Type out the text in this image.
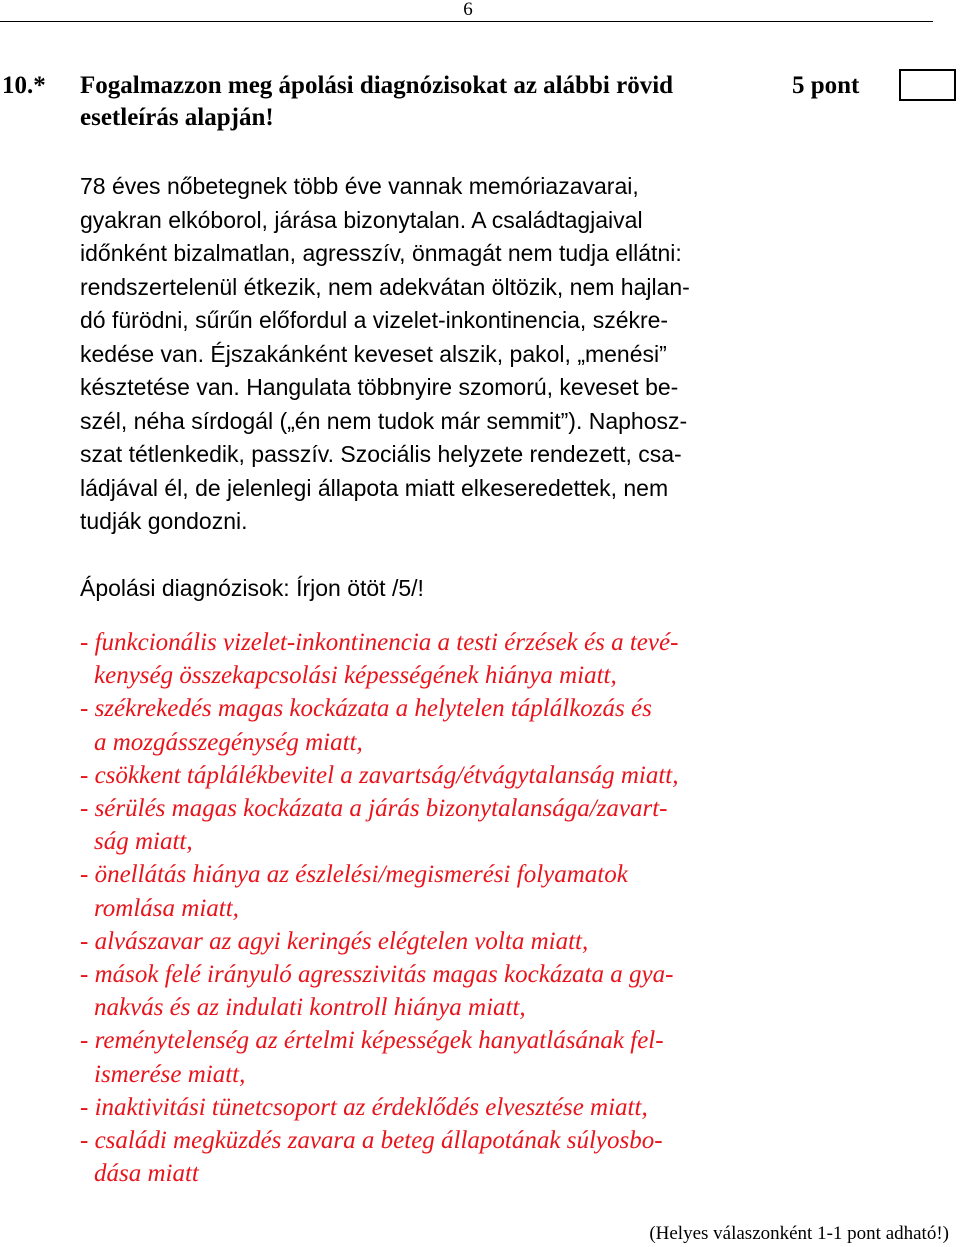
6
10.* Fogalmazzon meg ápolási diagnózisokat az alábbi rövid
esetleírás alapján!
5 pont
78 éves nőbetegnek több éve vannak memóriazavarai,
gyakran elkóborol, járása bizonytalan. A családtagjaival
időnként bizalmatlan, agresszív, önmagát nem tudja ellátni:
rendszertelenül étkezik, nem adekvátan öltözik, nem hajlan-
dó fürödni, sűrűn előfordul a vizelet-inkontinencia, székre-
kedése van. Éjszakánként keveset alszik, pakol, „menési”
késztetése van. Hangulata többnyire szomorú, keveset be-
szél, néha sírdogál („én nem tudok már semmit”). Naphosz-
szat tétlenkedik, passzív. Szociális helyzete rendezett, csa-
ládjával él, de jelenlegi állapota miatt elkeseredettek, nem
tudják gondozni.
Ápolási diagnózisok: Írjon ötöt /5/!
- funkcionális vizelet-inkontinencia a testi érzések és a tevé-
kenység összekapcsolási képességének hiánya miatt,
- székrekedés magas kockázata a helytelen táplálkozás és
a mozgásszegénység miatt,
- csökkent táplálékbevitel a zavartság/étvágytalanság miatt,
- sérülés magas kockázata a járás bizonytalansága/zavart-
ság miatt,
- önellátás hiánya az észlelési/megismerési folyamatok
romlása miatt,
- alvászavar az agyi keringés elégtelen volta miatt,
- mások felé irányuló agresszivitás magas kockázata a gya-
nakvás és az indulati kontroll hiánya miatt,
- reménytelenség az értelmi képességek hanyatlásának fel-
ismerése miatt,
- inaktivitási tünetcsoport az érdeklődés elvesztése miatt,
- családi megküzdés zavara a beteg állapotának súlyosbo-
dása miatt
(Helyes válaszonként 1-1 pont adható!)
